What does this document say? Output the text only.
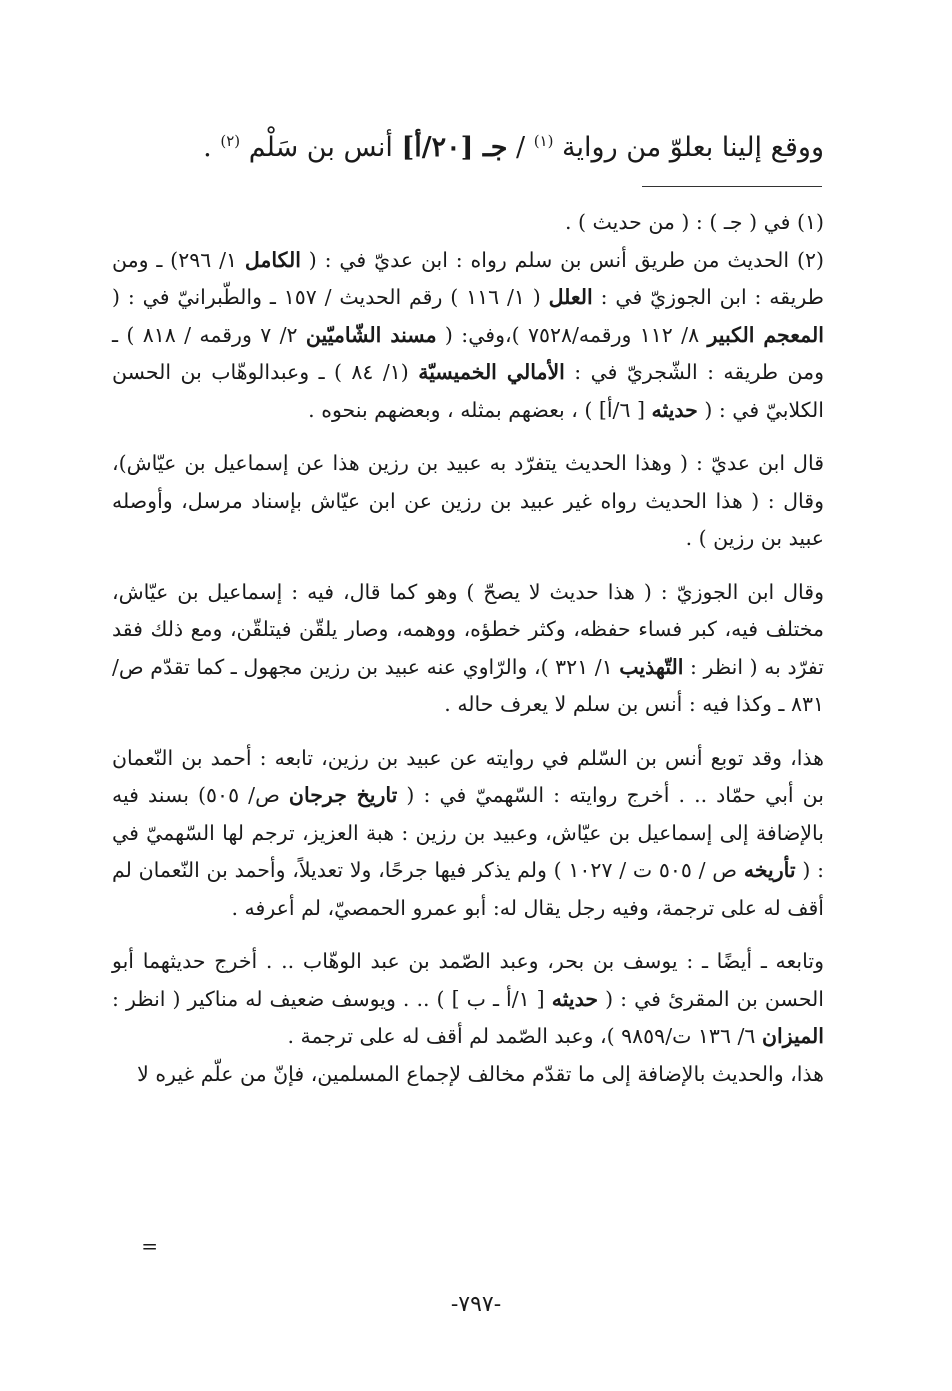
ووقع إلينا بعلوّ من رواية $^{(١)}$ / جـ [٢٠/أ] أنس بن سَلْم $^{(٢)}$ .

(١) في ( جـ ) : ( من حديث ) .

(٢) الحديث من طريق أنس بن سلم رواه : ابن عديّ في : ( الكامل ١/ ٢٩٦) ـ ومن طريقه : ابن الجوزيّ في : العلل ( ١/ ١١٦ ) رقم الحديث / ١٥٧ ـ والطّبرانيّ في : ( المعجم الكبير ٨/ ١١٢ ورقمه/٧٥٢٨ )،وفي: ( مسند الشّاميّين ٢/ ٧ ورقمه / ٨١٨ ) ـ ومن طريقه : الشّجريّ في : الأمالي الخميسيّة (١/ ٨٤ ) ـ وعبدالوهّاب بن الحسن الكلابيّ في : ( حديثه [ ٦/أ] ) ، بعضهم بمثله ، وبعضهم بنحوه .

قال ابن عديّ : ( وهذا الحديث يتفرّد به عبيد بن رزين هذا عن إسماعيل بن عيّاش)، وقال : ( هذا الحديث رواه غير عبيد بن رزين عن ابن عيّاش بإسناد مرسل، وأوصله عبيد بن رزين ) .

وقال ابن الجوزيّ : ( هذا حديث لا يصحّ ) وهو كما قال، فيه : إسماعيل بن عيّاش، مختلف فيه، كبر فساء حفظه، وكثر خطؤه، ووهمه، وصار يلقّن فيتلقّن، ومع ذلك فقد تفرّد به ( انظر : التّهذيب ١/ ٣٢١ )، والرّاوي عنه عبيد بن رزين مجهول ـ كما تقدّم ص/٨٣١ ـ وكذا فيه : أنس بن سلم لا يعرف حاله .

هذا، وقد توبع أنس بن السّلم في روايته عن عبيد بن رزين، تابعه : أحمد بن النّعمان بن أبي حمّاد .. . أخرج روايته : السّهميّ في : ( تاريخ جرجان ص/ ٥٠٥) بسند فيه بالإضافة إلى إسماعيل بن عيّاش، وعبيد بن رزين : هبة العزيز، ترجم لها السّهميّ في : ( تأريخه ص / ٥٠٥ ت / ١٠٢٧ ) ولم يذكر فيها جرحًا، ولا تعديلاً، وأحمد بن النّعمان لم أقف له على ترجمة، وفيه رجل يقال له: أبو عمرو الحمصيّ، لم أعرفه .

وتابعه ـ أيضًا ـ : يوسف بن بحر، وعبد الصّمد بن عبد الوهّاب .. . أخرج حديثهما أبو الحسن بن المقرئ في : ( حديثه [ ١/أ ـ ب ] ) .. . ويوسف ضعيف له مناكير ( انظر : الميزان ٦/ ١٣٦ ت/٩٨٥٩ )، وعبد الصّمد لم أقف له على ترجمة .

هذا، والحديث بالإضافة إلى ما تقدّم مخالف لإجماع المسلمين، فإنّ من علّم غيره لا

=
-٧٩٧-
